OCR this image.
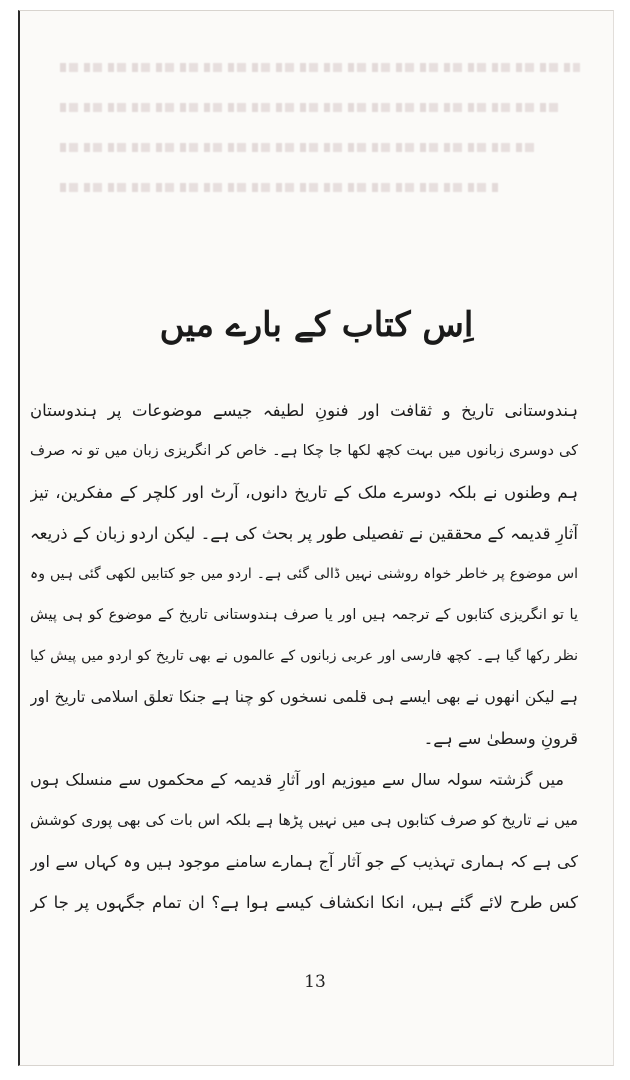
اِس کتاب کے بارے میں
ہندوستانی تاریخ و ثقافت اور فنونِ لطیفہ جیسے موضوعات پر ہندوستان
کی دوسری زبانوں میں بہت کچھ لکھا جا چکا ہے۔ خاص کر انگریزی زبان میں تو نہ صرف
ہم وطنوں نے بلکہ دوسرے ملک کے تاریخ دانوں، آرٹ اور کلچر کے مفکرین، تیز
آثارِ قدیمہ کے محققین نے تفصیلی طور پر بحث کی ہے۔ لیکن اردو زبان کے ذریعہ
اس موضوع پر خاطر خواہ روشنی نہیں ڈالی گئی ہے۔ اردو میں جو کتابیں لکھی گئی ہیں وہ
یا تو انگریزی کتابوں کے ترجمہ ہیں اور یا صرف ہندوستانی تاریخ کے موضوع کو ہی پیش
نظر رکھا گیا ہے۔ کچھ فارسی اور عربی زبانوں کے عالموں نے بھی تاریخ کو اردو میں پیش کیا
ہے لیکن انھوں نے بھی ایسے ہی قلمی نسخوں کو چنا ہے جنکا تعلق اسلامی تاریخ اور
قرونِ وسطیٰ سے ہے۔
میں گزشتہ سولہ سال سے میوزیم اور آثارِ قدیمہ کے محکموں سے منسلک ہوں
میں نے تاریخ کو صرف کتابوں ہی میں نہیں پڑھا ہے بلکہ اس بات کی بھی پوری کوشش
کی ہے کہ ہماری تہذیب کے جو آثار آج ہمارے سامنے موجود ہیں وہ کہاں سے اور
کس طرح لائے گئے ہیں، انکا انکشاف کیسے ہوا ہے؟ ان تمام جگہوں پر جا کر
13
